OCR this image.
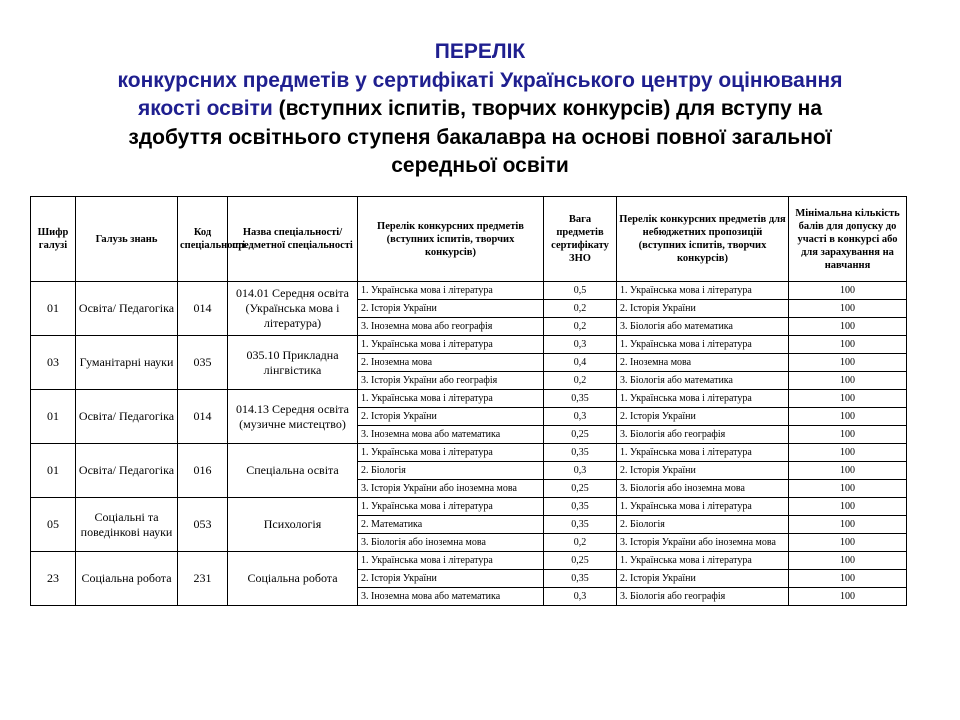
ПЕРЕЛІК
конкурсних предметів у сертифікаті Українського центру оцінювання
якості освіти (вступних іспитів, творчих конкурсів) для вступу на
здобуття освітнього ступеня бакалавра на основі повної загальної
середньої освіти
Шифр галузі	Галузь знань	Код спеціальності	Назва спеціальності/ предметної спеціальності	Перелік конкурсних предметів (вступних іспитів, творчих конкурсів)	Вага предметів сертифікату ЗНО	Перелік конкурсних предметів для небюджетних пропозицій (вступних іспитів, творчих конкурсів)	Мінімальна кількість балів для допуску до участі в конкурсі або для зарахування на навчання
01	Освіта/ Педагогіка	014	014.01 Середня освіта (Українська мова і література)	1. Українська мова і література	0,5	1. Українська мова і література	100
				2. Історія України	0,2	2. Історія України	100
				3. Іноземна мова або географія	0,2	3. Біологія або математика	100
03	Гуманітарні науки	035	035.10 Прикладна лінгвістика	1. Українська мова і література	0,3	1. Українська мова і література	100
				2. Іноземна мова	0,4	2. Іноземна мова	100
				3. Історія України або географія	0,2	3. Біологія або математика	100
01	Освіта/ Педагогіка	014	014.13 Середня освіта (музичне мистецтво)	1. Українська мова і література	0,35	1. Українська мова і література	100
				2. Історія України	0,3	2. Історія України	100
				3. Іноземна мова або математика	0,25	3. Біологія або географія	100
01	Освіта/ Педагогіка	016	Спеціальна освіта	1. Українська мова і література	0,35	1. Українська мова і література	100
				2. Біологія	0,3	2. Історія України	100
				3. Історія України або іноземна мова	0,25	3. Біологія або іноземна мова	100
05	Соціальні та поведінкові науки	053	Психологія	1. Українська мова і література	0,35	1. Українська мова і література	100
				2. Математика	0,35	2. Біологія	100
				3. Біологія або іноземна мова	0,2	3. Історія України або іноземна мова	100
23	Соціальна робота	231	Соціальна робота	1. Українська мова і література	0,25	1. Українська мова і література	100
				2. Історія України	0,35	2. Історія України	100
				3. Іноземна мова або математика	0,3	3. Біологія або географія	100
